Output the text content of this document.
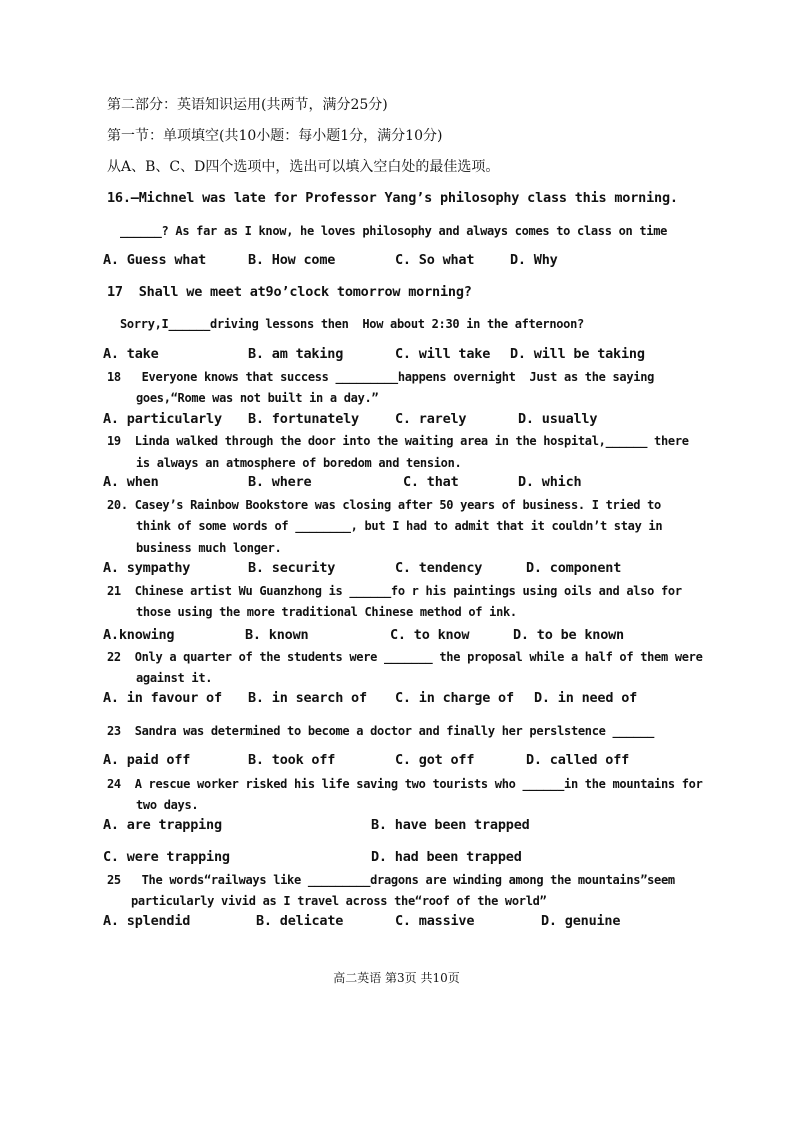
第二部分：英语知识运用(共两节，满分25分)
第一节：单项填空(共10小题：每小题1分，满分10分)
从A、B、C、D四个选项中，选出可以填入空白处的最佳选项。
16.—Michnel was late for Professor Yang’s philosophy class this morning.
______? As far as I know, he loves philosophy and always comes to class on time
A. Guess what	B. How come	C. So what	D. Why
17  Shall we meet at9o’clock tomorrow morning?
Sorry,I______driving lessons then  How about 2:30 in the afternoon?
A. take	B. am taking	C. will take D. will be taking
18   Everyone knows that success _________happens overnight  Just as the saying
goes,“Rome was not built in a day.”
A. particularly B. fortunately	C. rarely	D. usually
19  Linda walked through the door into the waiting area in the hospital,______ there
is always an atmosphere of boredom and tension.
A. when	B. where	C. that	D. which
20. Casey’s Rainbow Bookstore was closing after 50 years of business. I tried to
think of some words of ________, but I had to admit that it couldn’t stay in
business much longer.
A. sympathy	B. security	C. tendency	D. component
21  Chinese artist Wu Guanzhong is ______fo r his paintings using oils and also for
those using the more traditional Chinese method of ink.
A.knowing	B. known	C. to know	D. to be known
22  Only a quarter of the students were _______ the proposal while a half of them were
against it.
A. in favour of B. in search of C. in charge of D. in need of
23  Sandra was determined to become a doctor and finally her perslstence ______
A. paid off	B. took off	C. got off	D. called off
24  A rescue worker risked his life saving two tourists who ______in the mountains for
two days.
A. are trapping	B. have been trapped
C. were trapping	D. had been trapped
25   The words“railways like _________dragons are winding among the mountains”seem
particularly vivid as I travel across the“roof of the world”
A. splendid	B. delicate	C. massive	D. genuine
高二英语 第3页 共10页
